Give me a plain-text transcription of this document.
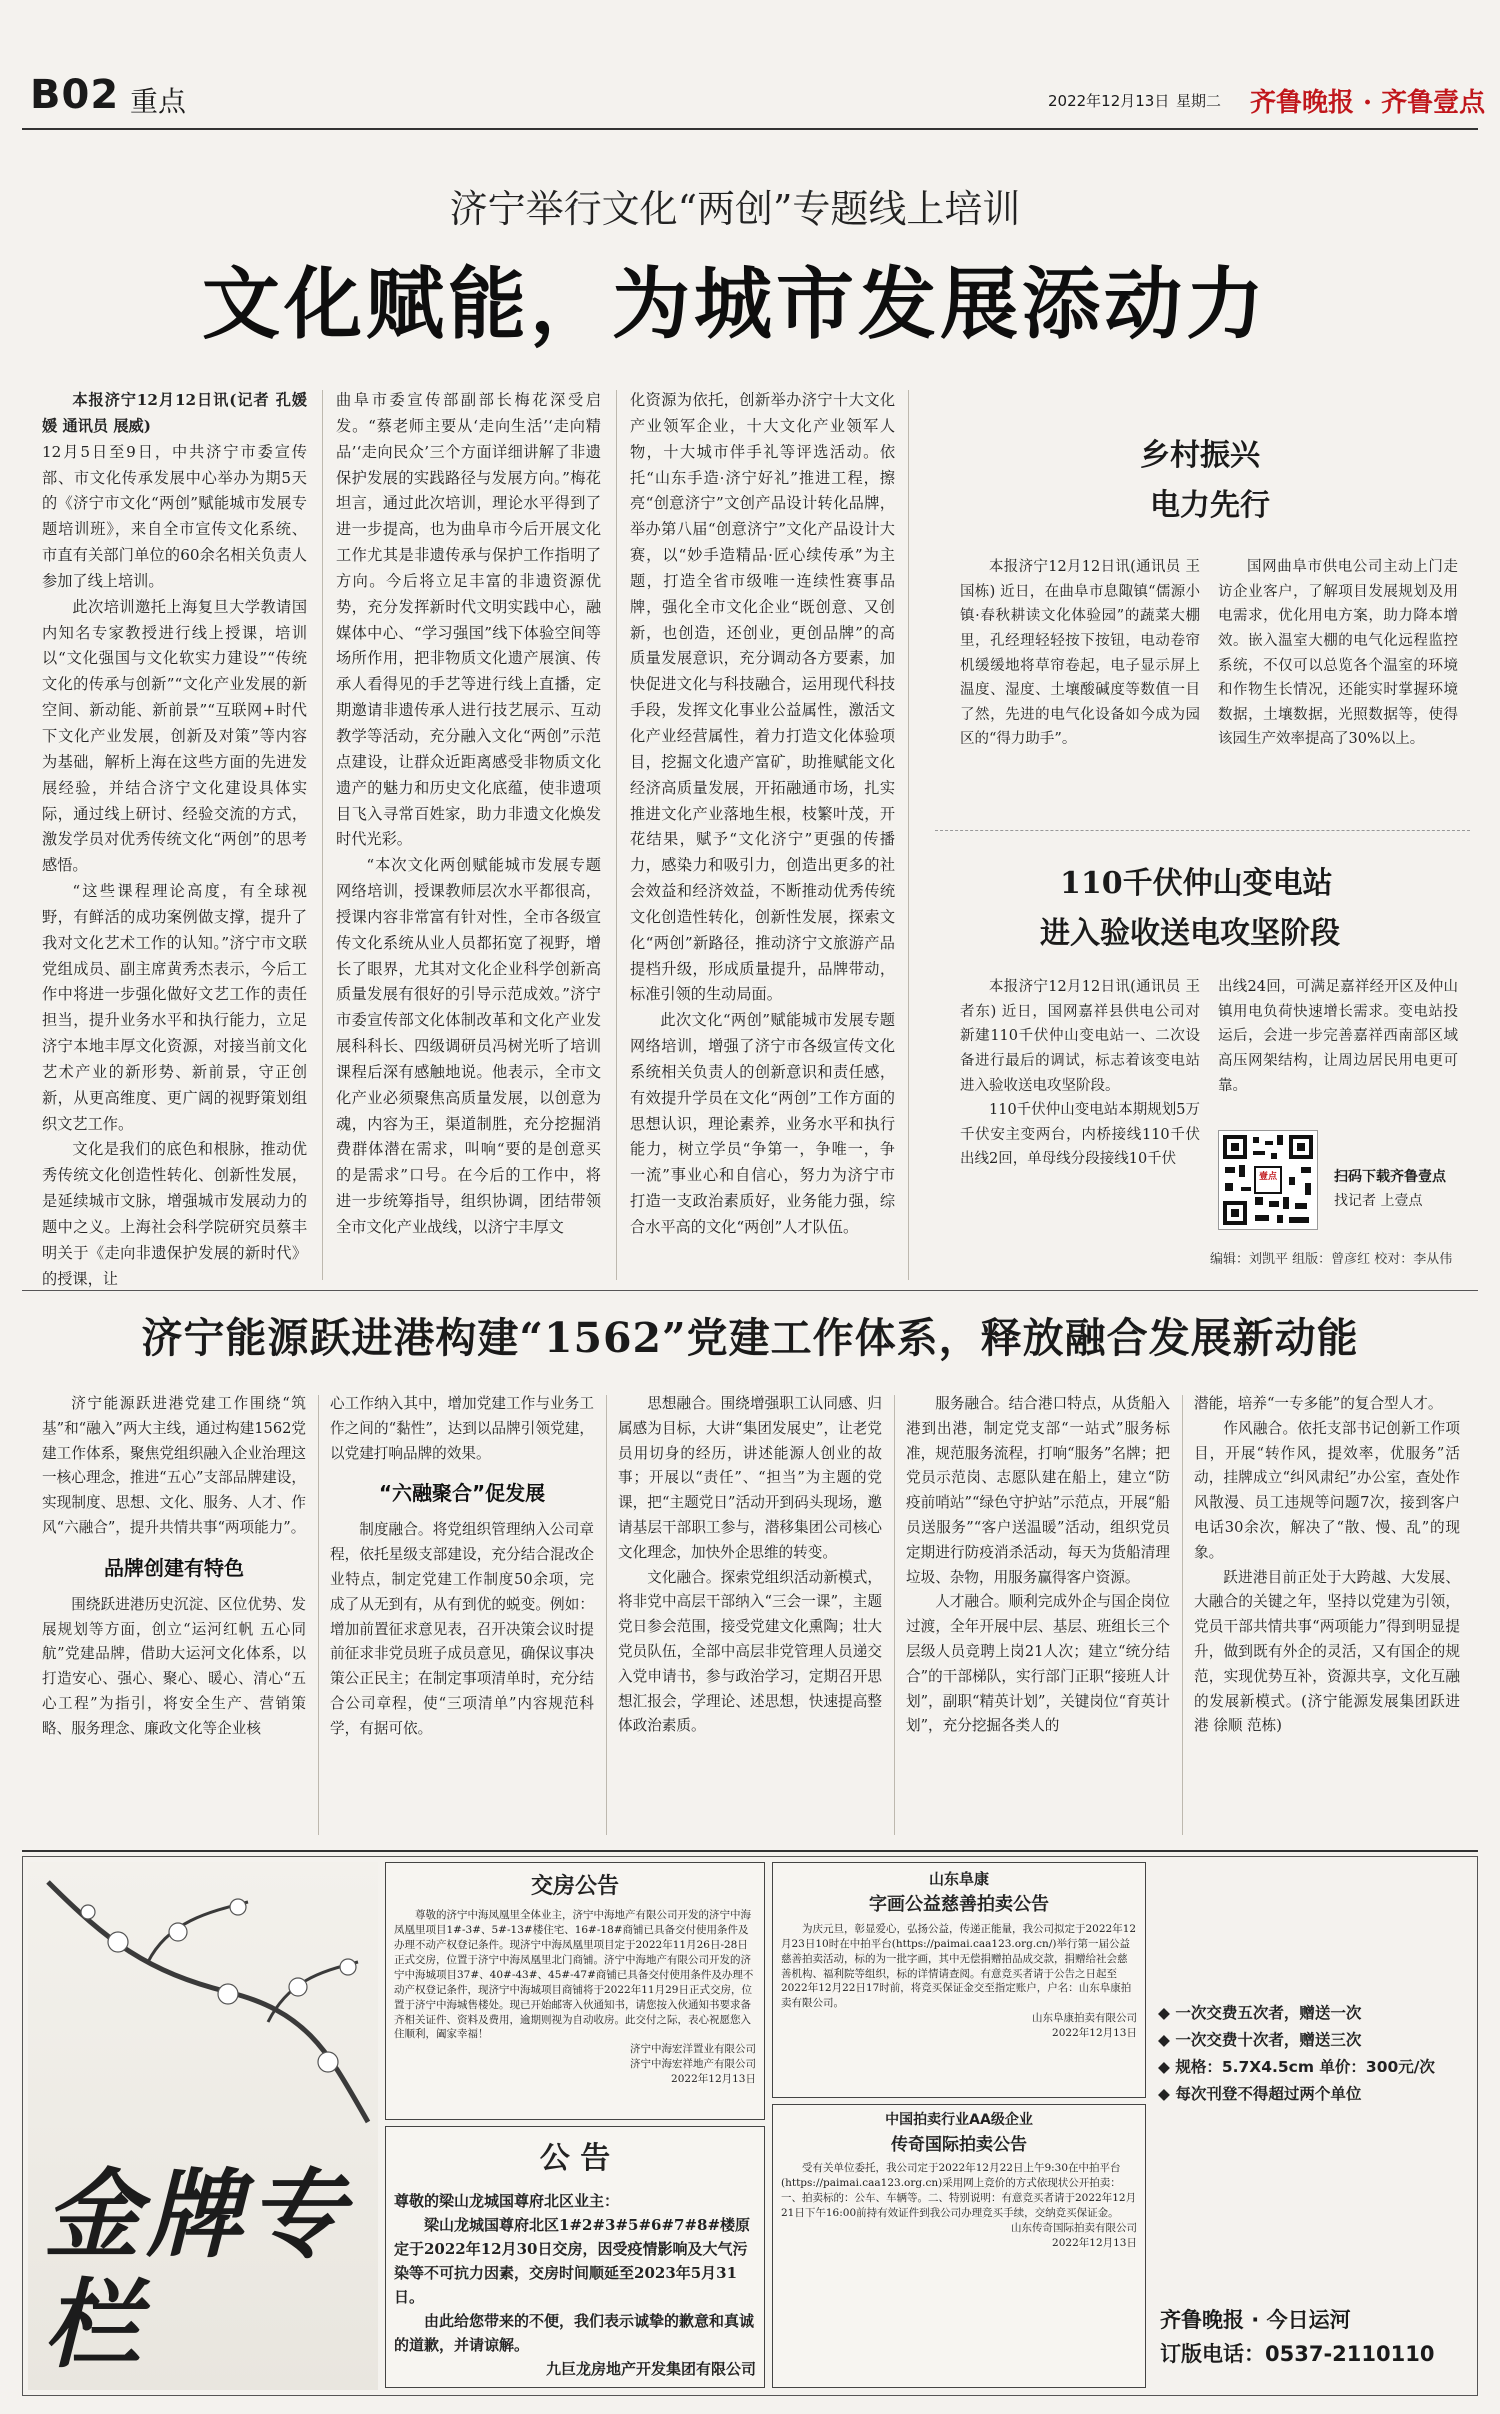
B02 重点	2022年12月13日 星期二 齐鲁晚报 · 齐鲁壹点
济宁举行文化“两创”专题线上培训
文化赋能，为城市发展添动力

本报济宁12月12日讯(记者 孔媛媛 通讯员 展威)

12月5日至9日，中共济宁市委宣传部、市文化传承发展中心举办为期5天的《济宁市文化“两创”赋能城市发展专题培训班》，来自全市宣传文化系统、市直有关部门单位的60余名相关负责人参加了线上培训。

此次培训邀托上海复旦大学教请国内知名专家教授进行线上授课，培训以“文化强国与文化软实力建设”“传统文化的传承与创新”“文化产业发展的新空间、新动能、新前景”“互联网+时代下文化产业发展，创新及对策”等内容为基础，解析上海在这些方面的先进发展经验，并结合济宁文化建设具体实际，通过线上研讨、经验交流的方式，激发学员对优秀传统文化“两创”的思考感悟。

“这些课程理论高度，有全球视野，有鲜活的成功案例做支撑，提升了我对文化艺术工作的认知。”济宁市文联党组成员、副主席黄秀杰表示，今后工作中将进一步强化做好文艺工作的责任担当，提升业务水平和执行能力，立足济宁本地丰厚文化资源，对接当前文化艺术产业的新形势、新前景，守正创新，从更高维度、更广阔的视野策划组织文艺工作。

文化是我们的底色和根脉，推动优秀传统文化创造性转化、创新性发展，是延续城市文脉，增强城市发展动力的题中之义。上海社会科学院研究员蔡丰明关于《走向非遗保护发展的新时代》的授课，让

曲阜市委宣传部副部长梅花深受启发。“蔡老师主要从‘走向生活’‘走向精品’‘走向民众’三个方面详细讲解了非遗保护发展的实践路径与发展方向。”梅花坦言，通过此次培训，理论水平得到了进一步提高，也为曲阜市今后开展文化工作尤其是非遗传承与保护工作指明了方向。今后将立足丰富的非遗资源优势，充分发挥新时代文明实践中心，融媒体中心、“学习强国”线下体验空间等场所作用，把非物质文化遗产展演、传承人看得见的手艺等进行线上直播，定期邀请非遗传承人进行技艺展示、互动教学等活动，充分融入文化“两创”示范点建设，让群众近距离感受非物质文化遗产的魅力和历史文化底蕴，使非遗项目飞入寻常百姓家，助力非遗文化焕发时代光彩。

“本次文化两创赋能城市发展专题网络培训，授课教师层次水平都很高，授课内容非常富有针对性，全市各级宣传文化系统从业人员都拓宽了视野，增长了眼界，尤其对文化企业科学创新高质量发展有很好的引导示范成效。”济宁市委宣传部文化体制改革和文化产业发展科科长、四级调研员冯树光听了培训课程后深有感触地说。他表示，全市文化产业必须聚焦高质量发展，以创意为魂，内容为王，渠道制胜，充分挖掘消费群体潜在需求，叫响“要的是创意买的是需求”口号。在今后的工作中，将进一步统筹指导，组织协调，团结带领全市文化产业战线，以济宁丰厚文

化资源为依托，创新举办济宁十大文化产业领军企业，十大文化产业领军人物，十大城市伴手礼等评选活动。依托“山东手造·济宁好礼”推进工程，擦亮“创意济宁”文创产品设计转化品牌，举办第八届“创意济宁”文化产品设计大赛，以“妙手造精品·匠心续传承”为主题，打造全省市级唯一连续性赛事品牌，强化全市文化企业“既创意、又创新，也创造，还创业，更创品牌”的高质量发展意识，充分调动各方要素，加快促进文化与科技融合，运用现代科技手段，发挥文化事业公益属性，激活文化产业经营属性，着力打造文化体验项目，挖掘文化遗产富矿，助推赋能文化经济高质量发展，开拓融通市场，扎实推进文化产业落地生根，枝繁叶茂，开花结果，赋予“文化济宁”更强的传播力，感染力和吸引力，创造出更多的社会效益和经济效益，不断推动优秀传统文化创造性转化，创新性发展，探索文化“两创”新路径，推动济宁文旅游产品提档升级，形成质量提升，品牌带动，标准引领的生动局面。

此次文化“两创”赋能城市发展专题网络培训，增强了济宁市各级宣传文化系统相关负责人的创新意识和责任感，有效提升学员在文化“两创”工作方面的思想认识，理论素养，业务水平和执行能力，树立学员“争第一，争唯一，争一流”事业心和自信心，努力为济宁市打造一支政治素质好，业务能力强，综合水平高的文化“两创”人才队伍。

乡村振兴
电力先行

本报济宁12月12日讯(通讯员 王国栋) 近日，在曲阜市息陬镇“儒源小镇·春秋耕读文化体验园”的蔬菜大棚里，孔经理轻轻按下按钮，电动卷帘机缓缓地将草帘卷起，电子显示屏上温度、湿度、土壤酸碱度等数值一目了然，先进的电气化设备如今成为园区的“得力助手”。

国网曲阜市供电公司主动上门走访企业客户，了解项目发展规划及用电需求，优化用电方案，助力降本增效。嵌入温室大棚的电气化远程监控系统，不仅可以总览各个温室的环境和作物生长情况，还能实时掌握环境数据，土壤数据，光照数据等，使得该园生产效率提高了30%以上。

110千伏仲山变电站
进入验收送电攻坚阶段

本报济宁12月12日讯(通讯员 王者东) 近日，国网嘉祥县供电公司对新建110千伏仲山变电站一、二次设备进行最后的调试，标志着该变电站进入验收送电攻坚阶段。

110千伏仲山变电站本期规划5万千伏安主变两台，内桥接线110千伏出线2回，单母线分段接线10千伏

出线24回，可满足嘉祥经开区及仲山镇用电负荷快速增长需求。变电站投运后，会进一步完善嘉祥西南部区域高压网架结构，让周边居民用电更可靠。

壹点	扫码下载齐鲁壹点
找记者 上壹点
编辑：刘凯平 组版：曾彦红 校对：李从伟
济宁能源跃进港构建“1562”党建工作体系，释放融合发展新动能

济宁能源跃进港党建工作围绕“筑基”和“融入”两大主线，通过构建1562党建工作体系，聚焦党组织融入企业治理这一核心理念，推进“五心”支部品牌建设，实现制度、思想、文化、服务、人才、作风“六融合”，提升共情共事“两项能力”。

品牌创建有特色

围绕跃进港历史沉淀、区位优势、发展规划等方面，创立“运河红帆 五心同航”党建品牌，借助大运河文化体系，以打造安心、强心、聚心、暖心、清心“五心工程”为指引，将安全生产、营销策略、服务理念、廉政文化等企业核

心工作纳入其中，增加党建工作与业务工作之间的“黏性”，达到以品牌引领党建，以党建打响品牌的效果。

“六融聚合”促发展

制度融合。将党组织管理纳入公司章程，依托星级支部建设，充分结合混改企业特点，制定党建工作制度50余项，完成了从无到有，从有到优的蜕变。例如：增加前置征求意见表，召开决策会议时提前征求非党员班子成员意见，确保议事决策公正民主；在制定事项清单时，充分结合公司章程，使“三项清单”内容规范科学，有据可依。

思想融合。围绕增强职工认同感、归属感为目标，大讲“集团发展史”，让老党员用切身的经历，讲述能源人创业的故事；开展以“责任”、“担当”为主题的党课，把“主题党日”活动开到码头现场，邀请基层干部职工参与，潜移集团公司核心文化理念，加快外企思维的转变。

文化融合。探索党组织活动新模式，将非党中高层干部纳入“三会一课”，主题党日参会范围，接受党建文化熏陶；壮大党员队伍，全部中高层非党管理人员递交入党申请书，参与政治学习，定期召开思想汇报会，学理论、述思想，快速提高整体政治素质。

服务融合。结合港口特点，从货船入港到出港，制定党支部“一站式”服务标准，规范服务流程，打响“服务”名牌；把党员示范岗、志愿队建在船上，建立“防疫前哨站”“绿色守护站”示范点，开展“船员送服务”“客户送温暖”活动，组织党员定期进行防疫消杀活动，每天为货船清理垃圾、杂物，用服务赢得客户资源。

人才融合。顺利完成外企与国企岗位过渡，全年开展中层、基层、班组长三个层级人员竞聘上岗21人次；建立“统分结合”的干部梯队，实行部门正职“接班人计划”，副职“精英计划”，关键岗位“育英计划”，充分挖掘各类人的

潜能，培养“一专多能”的复合型人才。

作风融合。依托支部书记创新工作项目，开展“转作风，提效率，优服务”活动，挂牌成立“纠风肃纪”办公室，查处作风散漫、员工违规等问题7次，接到客户电话30余次，解决了“散、慢、乱”的现象。

跃进港目前正处于大跨越、大发展、大融合的关键之年，坚持以党建为引领，党员干部共情共事“两项能力”得到明显提升，做到既有外企的灵活，又有国企的规范，实现优势互补，资源共享，文化互融的发展新模式。(济宁能源发展集团跃进港 徐顺 范栋)

金牌专栏
交房公告

尊敬的济宁中海凤凰里全体业主，济宁中海地产有限公司开发的济宁中海凤凰里项目1#-3#、5#-13#楼住宅、16#-18#商铺已具备交付使用条件及办理不动产权登记条件。现济宁中海凤凰里项目定于2022年11月26日-28日正式交房，位置于济宁中海凤凰里北门商铺。济宁中海地产有限公司开发的济宁中海城项目37#、40#-43#、45#-47#商铺已具备交付使用条件及办理不动产权登记条件，现济宁中海城项目商铺将于2022年11月29日正式交房，位置于济宁中海城售楼处。现已开始邮寄入伙通知书，请您按入伙通知书要求备齐相关证件、资料及费用，逾期则视为自动收房。此交付之际，表心祝愿您入住顺利，阖家幸福！

济宁中海宏洋置业有限公司
济宁中海宏祥地产有限公司
2022年12月13日
公 告
尊敬的梁山龙城国尊府北区业主：

梁山龙城国尊府北区1#2#3#5#6#7#8#楼原定于2022年12月30日交房，因受疫情影响及大气污染等不可抗力因素，交房时间顺延至2023年5月31日。

由此给您带来的不便，我们表示诚挚的歉意和真诚的道歉，并请谅解。

九巨龙房地产开发集团有限公司
山东阜康
字画公益慈善拍卖公告

为庆元旦，彰显爱心，弘扬公益，传递正能量，我公司拟定于2022年12月23日10时在中拍平台(https://paimai.caa123.org.cn/)举行第一届公益慈善拍卖活动，标的为一批字画，其中无偿捐赠拍品成交款，捐赠给社会慈善机构、福利院等组织，标的详情请查阅。有意竞买者请于公告之日起至2022年12月22日17时前，将竞买保证金交至指定账户，户名：山东阜康拍卖有限公司。

山东阜康拍卖有限公司
2022年12月13日
中国拍卖行业AA级企业
传奇国际拍卖公告

受有关单位委托，我公司定于2022年12月22日上午9:30在中拍平台(https://paimai.caa123.org.cn)采用网上竞价的方式依现状公开拍卖：一、拍卖标的：公车、车辆等。二、特别说明：有意竞买者请于2022年12月21日下午16:00前持有效证件到我公司办理竞买手续，交纳竞买保证金。

山东传奇国际拍卖有限公司
2022年12月13日
◆ 一次交费五次者，赠送一次
◆ 一次交费十次者，赠送三次
◆ 规格：5.7X4.5cm 单价：300元/次
◆ 每次刊登不得超过两个单位
齐鲁晚报 · 今日运河
订版电话：0537-2110110
